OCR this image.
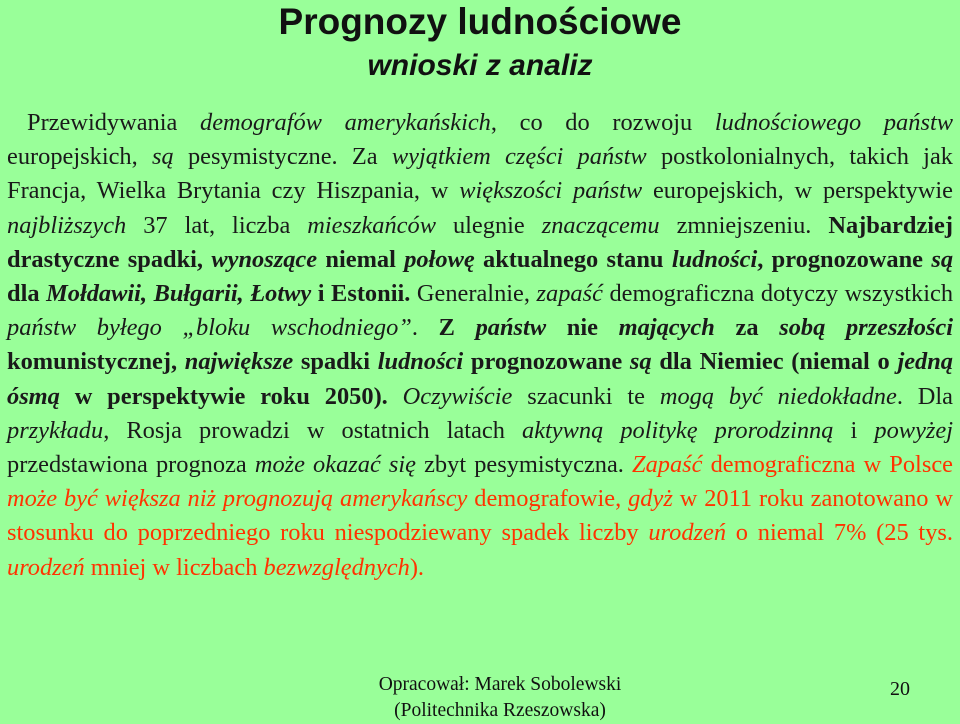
Prognozy ludnościowe
wnioski z analiz

Przewidywania demografów amerykańskich, co do rozwoju ludnościowego państw europejskich, są pesymistyczne. Za wyjątkiem części państw postkolonialnych, takich jak Francja, Wielka Brytania czy Hiszpania, w większości państw europejskich, w perspektywie najbliższych 37 lat, liczba mieszkańców ulegnie znaczącemu zmniejszeniu. Najbardziej drastyczne spadki, wynoszące niemal połowę aktualnego stanu ludności, prognozowane są dla Mołdawii, Bułgarii, Łotwy i Estonii. Generalnie, zapaść demograficzna dotyczy wszystkich państw byłego „bloku wschodniego”. Z państw nie mających za sobą przeszłości komunistycznej, największe spadki ludności prognozowane są dla Niemiec (niemal o jedną ósmą w perspektywie roku 2050). Oczywiście szacunki te mogą być niedokładne. Dla przykładu, Rosja prowadzi w ostatnich latach aktywną politykę prorodzinną i powyżej przedstawiona prognoza może okazać się zbyt pesymistyczna. Zapaść demograficzna w Polsce może być większa niż prognozują amerykańscy demografowie, gdyż w 2011 roku zanotowano w stosunku do poprzedniego roku niespodziewany spadek liczby urodzeń o niemal 7% (25 tys. urodzeń mniej w liczbach bezwzględnych).

Opracował: Marek Sobolewski
(Politechnika Rzeszowska)
20
